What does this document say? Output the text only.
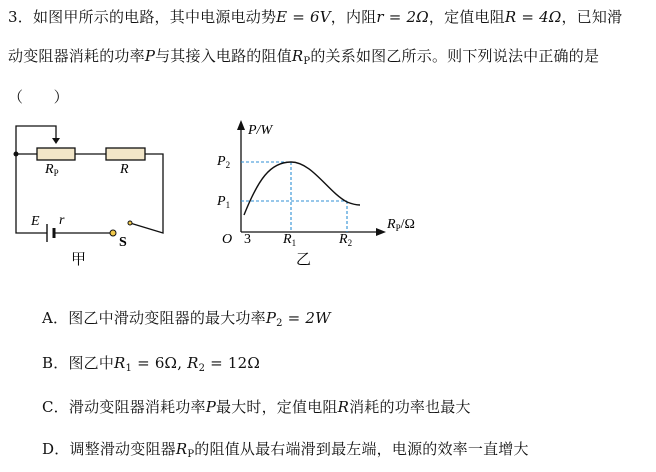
3．如图甲所示的电路，其中电源电动势E = 6V，内阻r = 2Ω，定值电阻R = 4Ω，已知滑
动变阻器消耗的功率P与其接入电路的阻值$R_P$的关系如图乙所示。则下列说法中正确的是
（　　）
$R_P$	R
E r
S
甲
P/W
$P_2$
$P_1$
O 3 $R_1$	$R_2$
$R_P/\Omega$
乙
A．图乙中滑动变阻器的最大功率$P_2 = 2W$
B．图乙中$R_1 = 6\Omega$, $R_2 = 12\Omega$
C．滑动变阻器消耗功率P最大时，定值电阻R消耗的功率也最大
D．调整滑动变阻器$R_P$的阻值从最右端滑到最左端，电源的效率一直增大
